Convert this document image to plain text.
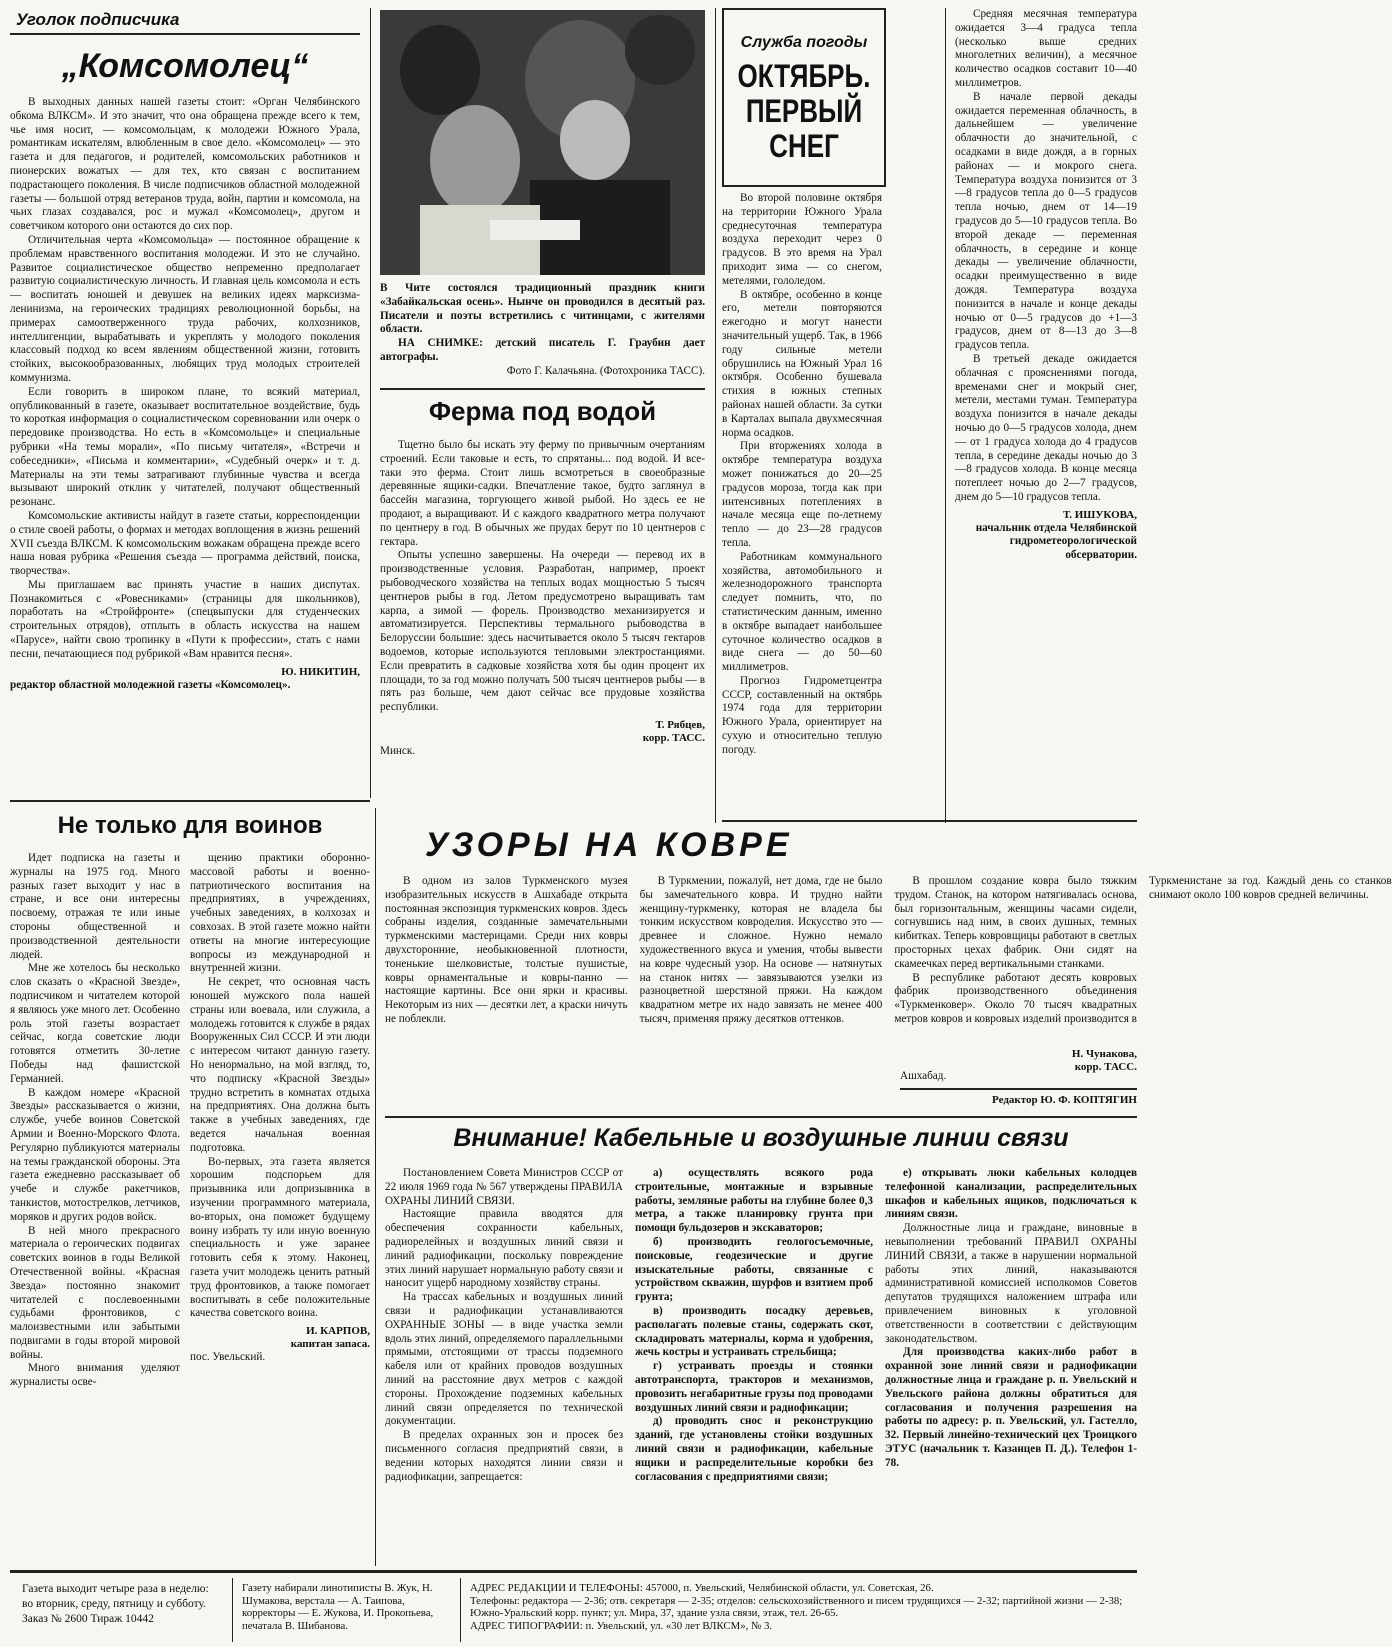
Уголок подписчика
„Комсомолец“

В выходных данных нашей газеты стоит: «Орган Челябинского обкома ВЛКСМ». И это значит, что она обращена прежде всего к тем, чье имя носит, — комсомольцам, к молодежи Южного Урала, романтикам искателям, влюбленным в свое дело. «Комсомолец» — это газета и для педагогов, и родителей, комсомольских работников и пионерских вожатых — для тех, кто связан с воспитанием подрастающего поколения. В числе подписчиков областной молодежной газеты — большой отряд ветеранов труда, войн, партии и комсомола, на чьих глазах создавался, рос и мужал «Комсомолец», другом и советчиком которого они остаются до сих пор.

Отличительная черта «Комсомольца» — постоянное обращение к проблемам нравственного воспитания молодежи. И это не случайно. Развитое социалистическое общество непременно предполагает развитую социалистическую личность. И главная цель комсомола и есть — воспитать юношей и девушек на великих идеях марксизма-ленинизма, на героических традициях революционной борьбы, на примерах самоотверженного труда рабочих, колхозников, интеллигенции, вырабатывать и укреплять у молодого поколения классовый подход ко всем явлениям общественной жизни, готовить стойких, высокообразованных, любящих труд молодых строителей коммунизма.

Если говорить в широком плане, то всякий материал, опубликованный в газете, оказывает воспитательное воздействие, будь то короткая информация о социалистическом соревновании или очерк о передовике производства. Но есть в «Комсомольце» и специальные рубрики «На темы морали», «По письму читателя», «Встречи и собеседники», «Письма и комментарии», «Судебный очерк» и т. д. Материалы на эти темы затрагивают глубинные чувства и всегда вызывают широкий отклик у читателей, получают общественный резонанс.

Комсомольские активисты найдут в газете статьи, корреспонденции о стиле своей работы, о формах и методах воплощения в жизнь решений XVII съезда ВЛКСМ. К комсомольским вожакам обращена прежде всего наша новая рубрика «Решения съезда — программа действий, поиска, творчества».

Мы приглашаем вас принять участие в наших диспутах. Познакомиться с «Ровесниками» (страницы для школьников), поработать на «Стройфронте» (спецвыпуски для студенческих строительных отрядов), отплыть в область искусства на нашем «Парусе», найти свою тропинку в «Пути к профессии», стать с нами песни, печатающиеся под рубрикой «Вам нравится песня».

Ю. НИКИТИН,
редактор областной молодежной газеты «Комсомолец».
В Чите состоялся традиционный праздник книги «Забайкальская осень». Нынче он проводился в десятый раз. Писатели и поэты встретились с читинцами, с жителями области.
НА СНИМКЕ: детский писатель Г. Граубин дает автографы.
Фото Г. Калачьяна. (Фотохроника ТАСС).
Ферма под водой

Тщетно было бы искать эту ферму по привычным очертаниям строений. Если таковые и есть, то спрятаны... под водой. И все-таки это ферма. Стоит лишь всмотреться в своеобразные деревянные ящики-садки. Впечатление такое, будто заглянул в бассейн магазина, торгующего живой рыбой. Но здесь ее не продают, а выращивают. И с каждого квадратного метра получают по центнеру в год. В обычных же прудах берут по 10 центнеров с гектара.

Опыты успешно завершены. На очереди — перевод их в производственные условия. Разработан, например, проект рыбоводческого хозяйства на теплых водах мощностью 5 тысяч центнеров рыбы в год. Летом предусмотрено выращивать там карпа, а зимой — форель. Производство механизируется и автоматизируется. Перспективы термального рыбоводства в Белоруссии большие: здесь насчитывается около 5 тысяч гектаров водоемов, которые используются тепловыми электростанциями. Если превратить в садковые хозяйства хотя бы один процент их площади, то за год можно получать 500 тысяч центнеров рыбы — в пять раз больше, чем дают сейчас все прудовые хозяйства республики.

Т. Рябцев,
корр. ТАСС.
Минск.
Служба погоды
ОКТЯБРЬ.
ПЕРВЫЙ
СНЕГ

Во второй половине октября на территории Южного Урала среднесуточная температура воздуха переходит через 0 градусов. В это время на Урал приходит зима — со снегом, метелями, гололедом.

В октябре, особенно в конце его, метели повторяются ежегодно и могут нанести значительный ущерб. Так, в 1966 году сильные метели обрушились на Южный Урал 16 октября. Особенно бушевала стихия в южных степных районах нашей области. За сутки в Карталах выпала двухмесячная норма осадков.

При вторжениях холода в октябре температура воздуха может понижаться до 20—25 градусов мороза, тогда как при интенсивных потеплениях в начале месяца еще по-летнему тепло — до 23—28 градусов тепла.

Работникам коммунального хозяйства, автомобильного и железнодорожного транспорта следует помнить, что, по статистическим данным, именно в октябре выпадает наибольшее суточное количество осадков в виде снега — до 50—60 миллиметров.

Прогноз Гидрометцентра СССР, составленный на октябрь 1974 года для территории Южного Урала, ориентирует на сухую и относительно теплую погоду.

Средняя месячная температура ожидается 3—4 градуса тепла (несколько выше средних многолетних величин), а месячное количество осадков составит 10—40 миллиметров.

В начале первой декады ожидается переменная облачность, в дальнейшем — увеличение облачности до значительной, с осадками в виде дождя, а в горных районах — и мокрого снега. Температура воздуха понизится от 3—8 градусов тепла до 0—5 градусов тепла ночью, днем от 14—19 градусов до 5—10 градусов тепла. Во второй декаде — переменная облачность, в середине и конце декады — увеличение облачности, осадки преимущественно в виде дождя. Температура воздуха понизится в начале и конце декады ночью от 0—5 градусов до +1—3 градусов, днем от 8—13 до 3—8 градусов тепла.

В третьей декаде ожидается облачная с прояснениями погода, временами снег и мокрый снег, метели, местами туман. Температура воздуха понизится в начале декады ночью до 0—5 градусов холода, днем — от 1 градуса холода до 4 градусов тепла, в середине декады ночью до 3—8 градусов холода. В конце месяца потеплеет ночью до 2—7 градусов, днем до 5—10 градусов тепла.

Т. ИШУКОВА,
начальник отдела Челябинской гидрометеорологической обсерватории.
Не только для воинов

Идет подписка на газеты и журналы на 1975 год. Много разных газет выходит у нас в стране, и все они интересны посвоему, отражая те или иные стороны общественной и производственной деятельности людей.

Мне же хотелось бы несколько слов сказать о «Красной Звезде», подписчиком и читателем которой я являюсь уже много лет. Особенно роль этой газеты возрастает сейчас, когда советские люди готовятся отметить 30-летие Победы над фашистской Германией.

В каждом номере «Красной Звезды» рассказывается о жизни, службе, учебе воинов Советской Армии и Военно-Морского Флота. Регулярно публикуются материалы на темы гражданской обороны. Эта газета ежедневно рассказывает об учебе и службе ракетчиков, танкистов, мотострелков, летчиков, моряков и других родов войск.

В ней много прекрасного материала о героических подвигах советских воинов в годы Великой Отечественной войны. «Красная Звезда» постоянно знакомит читателей с послевоенными судьбами фронтовиков, с малоизвестными или забытыми подвигами в годы второй мировой войны.

Много внимания уделяют журналисты осве-

щению практики оборонно-массовой работы и военно-патриотического воспитания на предприятиях, в учреждениях, учебных заведениях, в колхозах и совхозах. В этой газете можно найти ответы на многие интересующие вопросы из международной и внутренней жизни.

Не секрет, что основная часть юношей мужского пола нашей страны или воевала, или служила, а молодежь готовится к службе в рядах Вооруженных Сил СССР. И эти люди с интересом читают данную газету. Но ненормально, на мой взгляд, то, что подписку «Красной Звезды» трудно встретить в комнатах отдыха на предприятиях. Она должна быть также в учебных заведениях, где ведется начальная военная подготовка.

Во-первых, эта газета является хорошим подспорьем для призывника или допризывника в изучении программного материала, во-вторых, она поможет будущему воину избрать ту или иную военную специальность и уже заранее готовить себя к этому. Наконец, газета учит молодежь ценить ратный труд фронтовиков, а также помогает воспитывать в себе положительные качества советского воина.

И. КАРПОВ,
капитан запаса.
пос. Увельский.
УЗОРЫ НА КОВРЕ

В одном из залов Туркменского музея изобразительных искусств в Ашхабаде открыта постоянная экспозиция туркменских ковров. Здесь собраны изделия, созданные замечательными туркменскими мастерицами. Среди них ковры двухсторонние, необыкновенной плотности, тоненькие шелковистые, толстые пушистые, ковры орнаментальные и ковры-панно — настоящие картины. Все они ярки и красивы. Некоторым из них — десятки лет, а краски ничуть не поблекли.

В Туркмении, пожалуй, нет дома, где не было бы замечательного ковра. И трудно найти женщину-туркменку, которая не владела бы тонким искусством ковроделия. Искусство это — древнее и сложное. Нужно немало художественного вкуса и умения, чтобы вывести на ковре чудесный узор. На основе — натянутых на станок нитях — завязываются узелки из разноцветной шерстяной пряжи. На каждом квадратном метре их надо завязать не менее 400 тысяч, применяя пряжу десятков оттенков.

В прошлом создание ковра было тяжким трудом. Станок, на котором натягивалась основа, был горизонтальным, женщины часами сидели, согнувшись над ним, в своих душных, темных кибитках. Теперь ковровщицы работают в светлых просторных цехах фабрик. Они сидят на скамеечках перед вертикальными станками.

В республике работают десять ковровых фабрик производственного объединения «Туркменковер». Около 70 тысяч квадратных метров ковров и ковровых изделий производится в Туркменистане за год. Каждый день со станков снимают около 100 ковров средней величины.

Н. Чунакова,
корр. ТАСС.
Ашхабад.
Редактор Ю. Ф. КОПТЯГИН
Внимание! Кабельные и воздушные линии связи

Постановлением Совета Министров СССР от 22 июля 1969 года № 567 утверждены ПРАВИЛА ОХРАНЫ ЛИНИЙ СВЯЗИ.

Настоящие правила вводятся для обеспечения сохранности кабельных, радиорелейных и воздушных линий связи и линий радиофикации, поскольку повреждение этих линий нарушает нормальную работу связи и наносит ущерб народному хозяйству страны.

На трассах кабельных и воздушных линий связи и радиофикации устанавливаются ОХРАННЫЕ ЗОНЫ — в виде участка земли вдоль этих линий, определяемого параллельными прямыми, отстоящими от трассы подземного кабеля или от крайних проводов воздушных линий на расстояние двух метров с каждой стороны. Прохождение подземных кабельных линий связи определяется по технической документации.

В пределах охранных зон и просек без письменного согласия предприятий связи, в ведении которых находятся линии связи и радиофикации, запрещается:

а) осуществлять всякого рода строительные, монтажные и взрывные работы, земляные работы на глубине более 0,3 метра, а также планировку грунта при помощи бульдозеров и экскаваторов;

б) производить геологосъемочные, поисковые, геодезические и другие изыскательные работы, связанные с устройством скважин, шурфов и взятием проб грунта;

в) производить посадку деревьев, располагать полевые станы, содержать скот, складировать материалы, корма и удобрения, жечь костры и устраивать стрельбища;

г) устраивать проезды и стоянки автотранспорта, тракторов и механизмов, провозить негабаритные грузы под проводами воздушных линий связи и радиофикации;

д) проводить снос и реконструкцию зданий, где установлены стойки воздушных линий связи и радиофикации, кабельные ящики и распределительные коробки без согласования с предприятиями связи;

е) открывать люки кабельных колодцев телефонной канализации, распределительных шкафов и кабельных ящиков, подключаться к линиям связи.

Должностные лица и граждане, виновные в невыполнении требований ПРАВИЛ ОХРАНЫ ЛИНИЙ СВЯЗИ, а также в нарушении нормальной работы этих линий, наказываются административной комиссией исполкомов Советов депутатов трудящихся наложением штрафа или привлечением виновных к уголовной ответственности в соответствии с действующим законодательством.

Для производства каких-либо работ в охранной зоне линий связи и радиофикации должностные лица и граждане р. п. Увельский и Увельского района должны обратиться для согласования и получения разрешения на работы по адресу: р. п. Увельский, ул. Гастелло, 32. Первый линейно-технический цех Троицкого ЭТУС (начальник т. Казанцев П. Д.). Телефон 1-78.

Газета выходит четыре раза в неделю: во вторник, среду, пятницу и субботу.
Заказ № 2600 Тираж 10442
Газету набирали линотиписты В. Жук, Н. Шумакова, верстала — А. Таипова, корректоры — Е. Жукова, И. Прокопьева, печатала В. Шибанова.
АДРЕС РЕДАКЦИИ И ТЕЛЕФОНЫ: 457000, п. Увельский, Челябинской области, ул. Советская, 26.
Телефоны: редактора — 2-36; отв. секретаря — 2-35; отделов: сельскохозяйственного и писем трудящихся — 2-32; партийной жизни — 2-38; Южно-Уральский корр. пункт; ул. Мира, 37, здание узла связи, этаж, тел. 26-65.
АДРЕС ТИПОГРАФИИ: п. Увельский, ул. «30 лет ВЛКСМ», № 3.
